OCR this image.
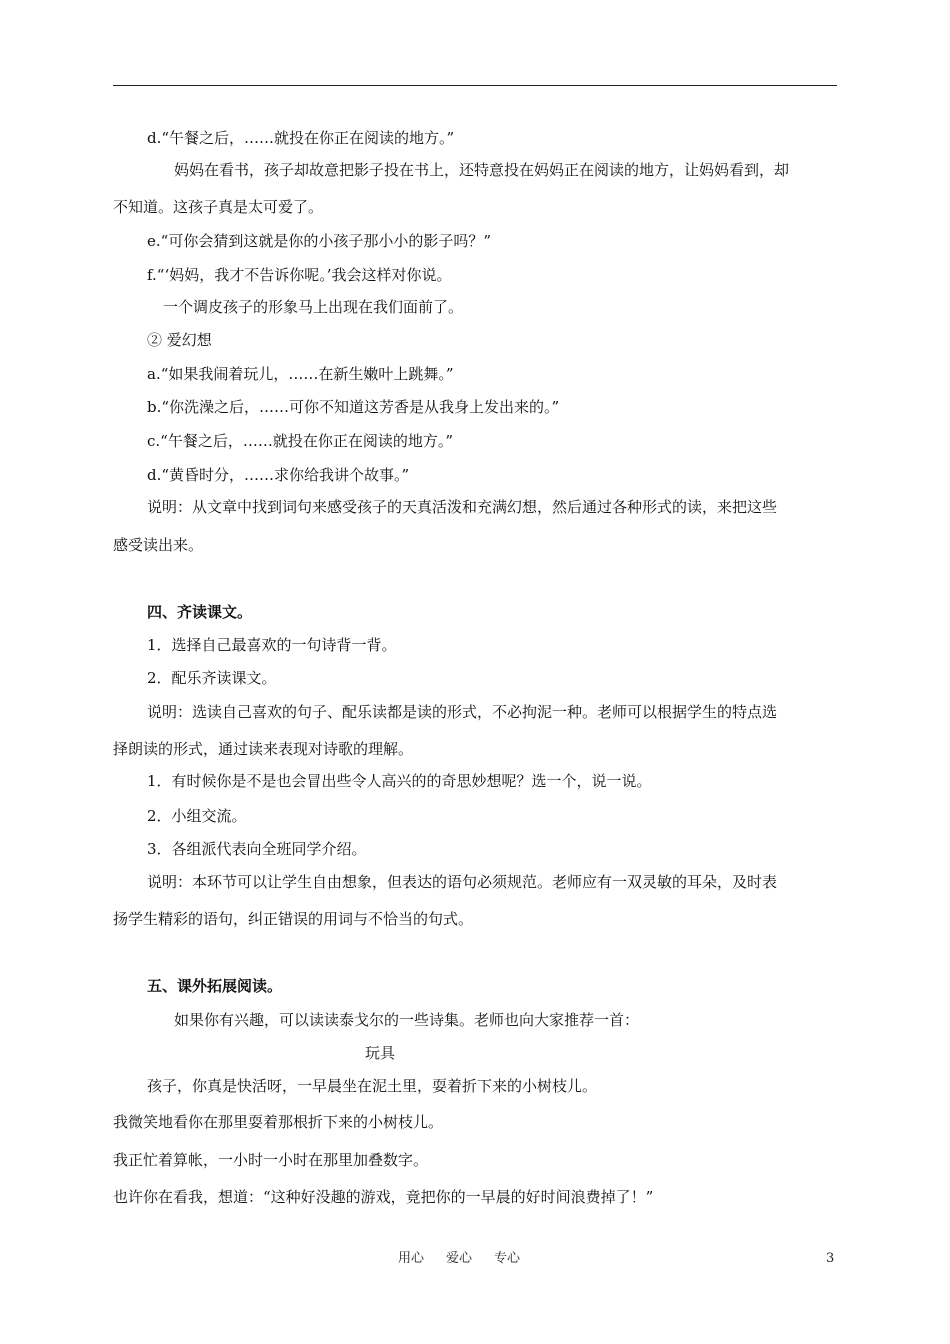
d.“午餐之后，……就投在你正在阅读的地方。”
妈妈在看书，孩子却故意把影子投在书上，还特意投在妈妈正在阅读的地方，让妈妈看到，却
不知道。这孩子真是太可爱了。
e.“可你会猜到这就是你的小孩子那小小的影子吗？”
f.“‘妈妈，我才不告诉你呢。’我会这样对你说。
一个调皮孩子的形象马上出现在我们面前了。
② 爱幻想
a.“如果我闹着玩儿，……在新生嫩叶上跳舞。”
b.“你洗澡之后，……可你不知道这芳香是从我身上发出来的。”
c.“午餐之后，……就投在你正在阅读的地方。”
d.“黄昏时分，……求你给我讲个故事。”
说明：从文章中找到词句来感受孩子的天真活泼和充满幻想，然后通过各种形式的读，来把这些
感受读出来。
四、齐读课文。
1．选择自己最喜欢的一句诗背一背。
2．配乐齐读课文。
说明：选读自己喜欢的句子、配乐读都是读的形式，不必拘泥一种。老师可以根据学生的特点选
择朗读的形式，通过读来表现对诗歌的理解。
1．有时候你是不是也会冒出些令人高兴的的奇思妙想呢？选一个，说一说。
2．小组交流。
3．各组派代表向全班同学介绍。
说明：本环节可以让学生自由想象，但表达的语句必须规范。老师应有一双灵敏的耳朵，及时表
扬学生精彩的语句，纠正错误的用词与不恰当的句式。
五、课外拓展阅读。
如果你有兴趣，可以读读泰戈尔的一些诗集。老师也向大家推荐一首：
玩具
孩子，你真是快活呀，一早晨坐在泥土里，耍着折下来的小树枝儿。
我微笑地看你在那里耍着那根折下来的小树枝儿。
我正忙着算帐，一小时一小时在那里加叠数字。
也许你在看我，想道：“这种好没趣的游戏，竟把你的一早晨的好时间浪费掉了！”
用心 爱心 专心	3
